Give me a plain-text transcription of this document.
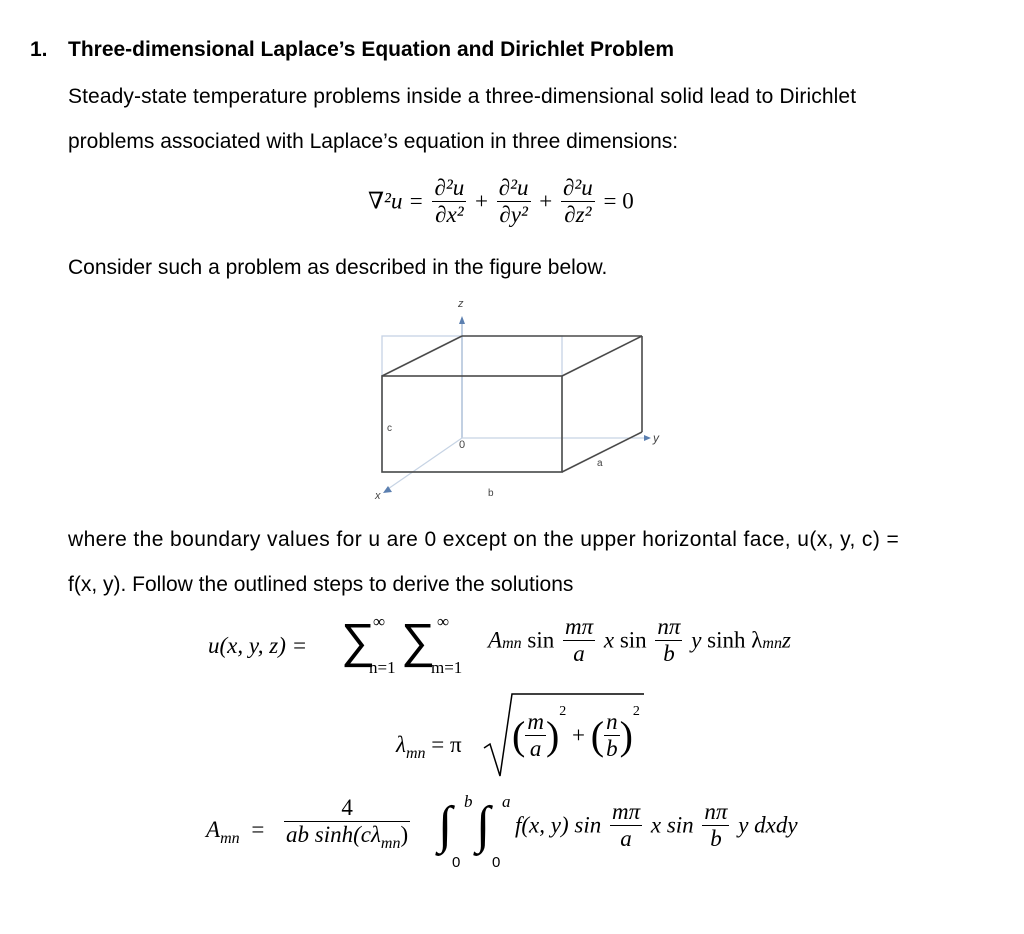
1. Three-dimensional Laplace’s Equation and Dirichlet Problem
Steady-state temperature problems inside a three-dimensional solid lead to Dirichlet
problems associated with Laplace’s equation in three dimensions:
$\nabla^2u = \frac{\text{∂²u}}{\text{∂x²}} + \frac{\text{∂²u}}{\text{∂y²}} + \frac{\text{∂²u}}{\text{∂z²}} = 0$
Consider such a problem as described in the figure below.
z
y
x
c
0
a
b
where the boundary values for u are 0 except on the upper horizontal face, u(x, y, c) =
f(x, y). Follow the outlined steps to derive the solutions
u(x, y, z) = ∑
∞
n=1 ∑ ∞
m=1
Amn $\sin \frac{m\pi}{a}$ x $\sin \frac{n\pi}{b}$ y sinh λmnz
$\lambda_{mn} = \pi$ ( $\frac{m}{a} )^2$ + ( $\frac{n}{b} )^2$
$A_{mn} = \frac{4}{ab \sinh(c\lambda_{mn})}$ ∫ b
0
∫ a
0
f(x, y) $\sin \frac{m\pi}{a}$ x $\sin \frac{n\pi}{b}$ y dxdy
